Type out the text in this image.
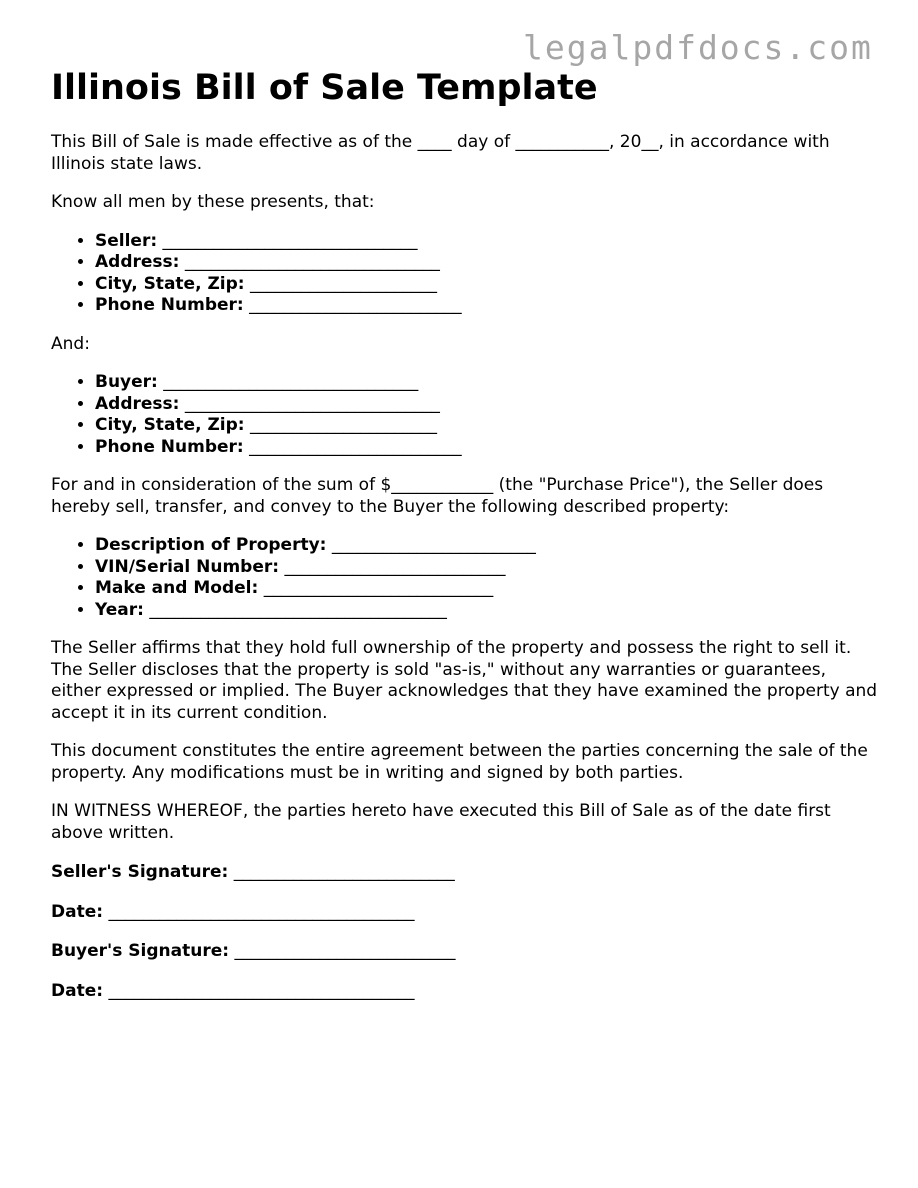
legalpdfdocs.com
Illinois Bill of Sale Template

This Bill of Sale is made effective as of the ____ day of ___________, 20__, in accordance with Illinois state laws.

Know all men by these presents, that:

• Seller: ______________________________
• Address: ______________________________
• City, State, Zip: ______________________
• Phone Number: _________________________

And:

• Buyer: ______________________________
• Address: ______________________________
• City, State, Zip: ______________________
• Phone Number: _________________________

For and in consideration of the sum of $____________ (the "Purchase Price"), the Seller does hereby sell, transfer, and convey to the Buyer the following described property:

• Description of Property: ________________________
• VIN/Serial Number: __________________________
• Make and Model: ___________________________
• Year: ___________________________________

The Seller affirms that they hold full ownership of the property and possess the right to sell it. The Seller discloses that the property is sold "as-is," without any warranties or guarantees, either expressed or implied. The Buyer acknowledges that they have examined the property and accept it in its current condition.

This document constitutes the entire agreement between the parties concerning the sale of the property. Any modifications must be in writing and signed by both parties.

IN WITNESS WHEREOF, the parties hereto have executed this Bill of Sale as of the date first above written.

Seller's Signature: __________________________
Date: ____________________________________
Buyer's Signature: __________________________
Date: ____________________________________
